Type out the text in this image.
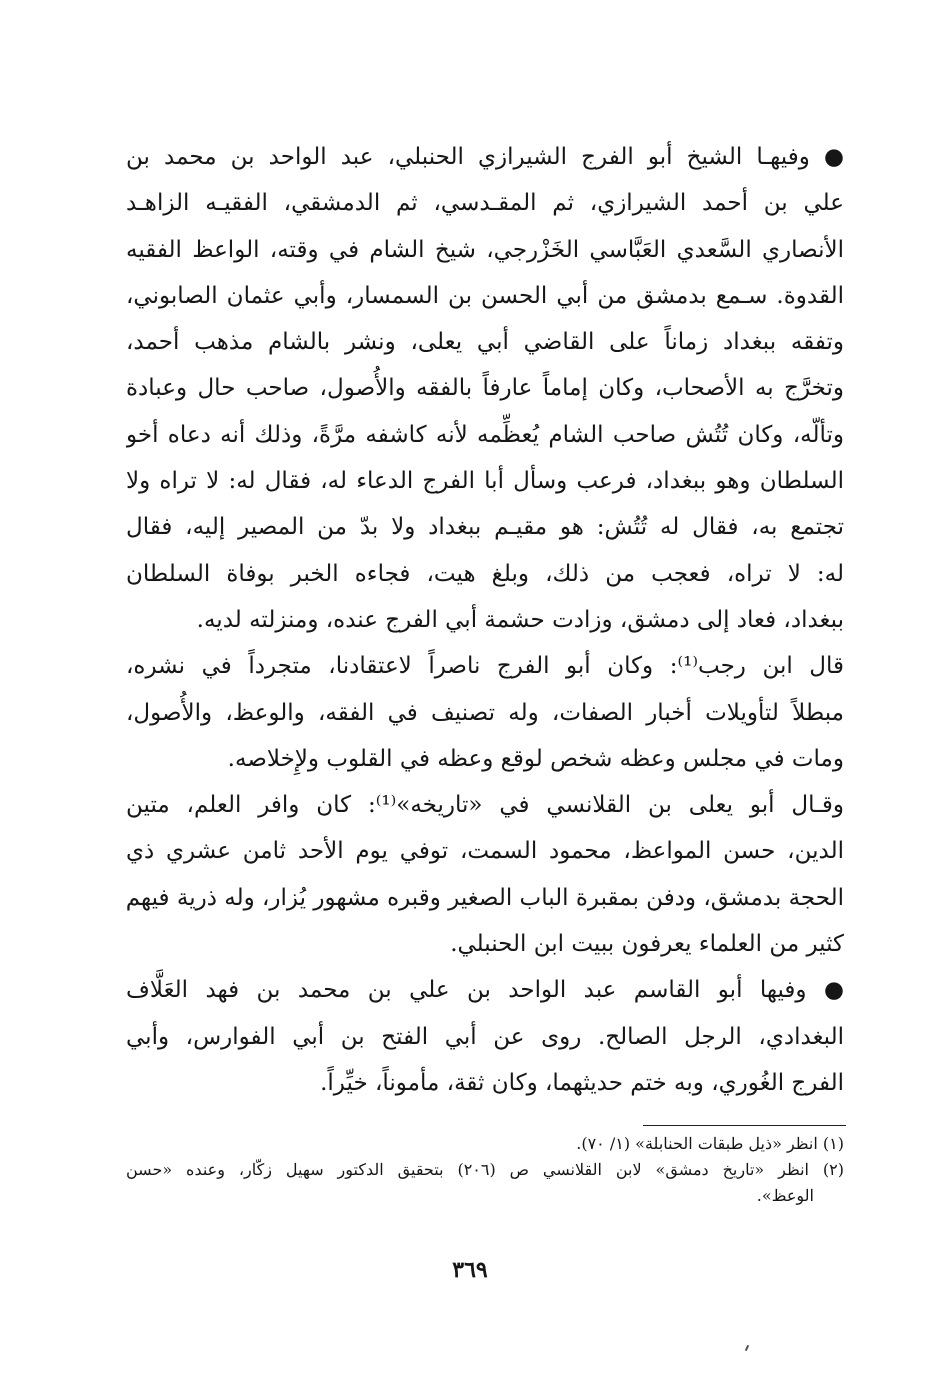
● وفيهـا الشيخ أبو الفرج الشيرازي الحنبلي، عبد الواحد بن محمد بن
علي بن أحمد الشيرازي، ثم المقـدسي، ثم الدمشقي، الفقيـه الزاهـد
الأنصاري السَّعدي العَبَّاسي الخَزْرجي، شيخ الشام في وقته، الواعظ الفقيه
القدوة. سـمع بدمشق من أبي الحسن بن السمسار، وأبي عثمان الصابوني،
وتفقه ببغداد زماناً على القاضي أبي يعلى، ونشر بالشام مذهب أحمد،
وتخرَّج به الأصحاب، وكان إماماً عارفاً بالفقه والأُصول، صاحب حال وعبادة
وتألّه، وكان تُتُش صاحب الشام يُعظِّمه لأنه كاشفه مرَّةً، وذلك أنه دعاه أخو
السلطان وهو ببغداد، فرعب وسأل أبا الفرج الدعاء له، فقال له: لا تراه ولا
تجتمع به، فقال له تُتُش: هو مقيـم ببغداد ولا بدّ من المصير إليه، فقال
له: لا تراه، فعجب من ذلك، وبلغ هيت، فجاءه الخبر بوفاة السلطان
ببغداد، فعاد إلى دمشق، وزادت حشمة أبي الفرج عنده، ومنزلته لديه.
قال ابن رجب⁽¹⁾: وكان أبو الفرج ناصراً لاعتقادنا، متجرداً في نشره،
مبطلاً لتأويلات أخبار الصفات، وله تصنيف في الفقه، والوعظ، والأُصول،
ومات في مجلس وعظه شخص لوقع وعظه في القلوب ولإِخلاصه.
وقـال أبو يعلى بن القلانسي في «تاريخه»⁽¹⁾: كان وافر العلم، متين
الدين، حسن المواعظ، محمود السمت، توفي يوم الأحد ثامن عشري ذي
الحجة بدمشق، ودفن بمقبرة الباب الصغير وقبره مشهور يُزار، وله ذرية فيهم
كثير من العلماء يعرفون ببيت ابن الحنبلي.
● وفيها أبو القاسم عبد الواحد بن علي بن محمد بن فهد العَلَّاف
البغدادي، الرجل الصالح. روى عن أبي الفتح بن أبي الفوارس، وأبي
الفرج الغُوري، وبه ختم حديثهما، وكان ثقة، مأموناً، خيِّراً.
(١) انظر «ذيل طبقات الحنابلة» (١/ ٧٠).
(٢) انظر «تاريخ دمشق» لابن القلانسي ص (٢٠٦) بتحقيق الدكتور سهيل زكّار، وعنده «حسن
الوعظ».
٣٦٩
